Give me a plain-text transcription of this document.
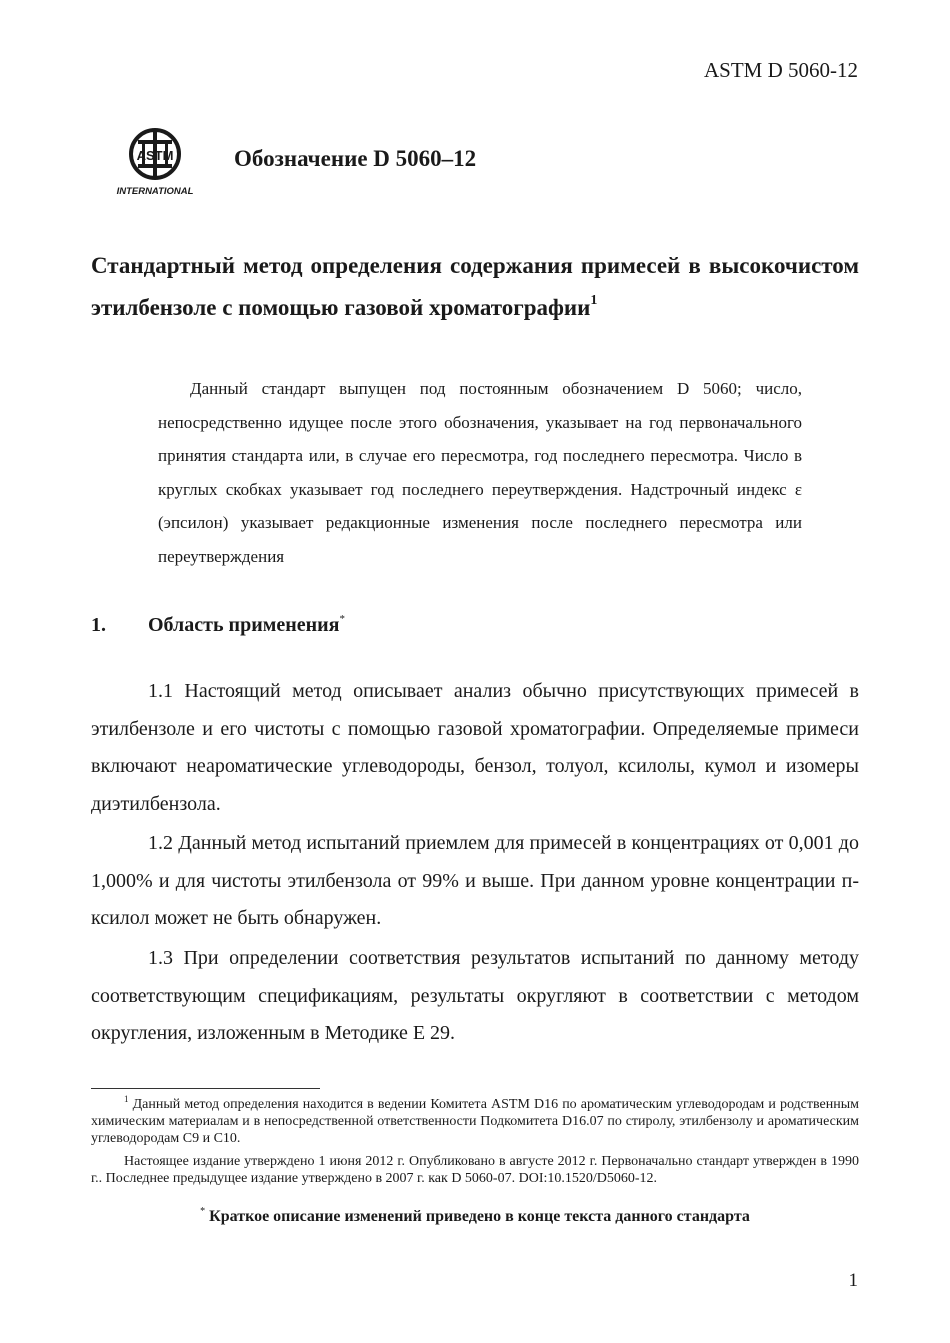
ASTM D 5060-12
ASTM
INTERNATIONAL
Обозначение D 5060–12
Стандартный метод определения содержания примесей в высокочистом этилбензоле с помощью газовой хроматографии$^1$

Данный стандарт выпущен под постоянным обозначением D 5060; число, непосредственно идущее после этого обозначения, указывает на год первоначального принятия стандарта или, в случае его пересмотра, год последнего пересмотра. Число в круглых скобках указывает год последнего переутверждения. Надстрочный индекс ε (эпсилон) указывает редакционные изменения после последнего пересмотра или переутверждения

1. Область применения*

1.1 Настоящий метод описывает анализ обычно присутствующих примесей в этилбензоле и его чистоты с помощью газовой хроматографии. Определяемые примеси включают неароматические углеводороды, бензол, толуол, ксилолы, кумол и изомеры диэтилбензола.

1.2 Данный метод испытаний приемлем для примесей в концентрациях от 0,001 до 1,000% и для чистоты этилбензола от 99% и выше. При данном уровне концентрации п-ксилол может не быть обнаружен.

1.3 При определении соответствия результатов испытаний по данному методу соответствующим спецификациям, результаты округляют в соответствии с методом округления, изложенным в Методике E 29.

$^1$ Данный метод определения находится в ведении Комитета ASTM D16 по ароматическим углеводородам и родственным химическим материалам и в непосредственной ответственности Подкомитета D16.07 по стиролу, этилбензолу и ароматическим углеводородам С9 и С10.

Настоящее издание утверждено 1 июня 2012 г. Опубликовано в августе 2012 г. Первоначально стандарт утвержден в 1990 г.. Последнее предыдущее издание утверждено в 2007 г. как D 5060-07. DOI:10.1520/D5060-12.

* Краткое описание изменений приведено в конце текста данного стандарта

1
